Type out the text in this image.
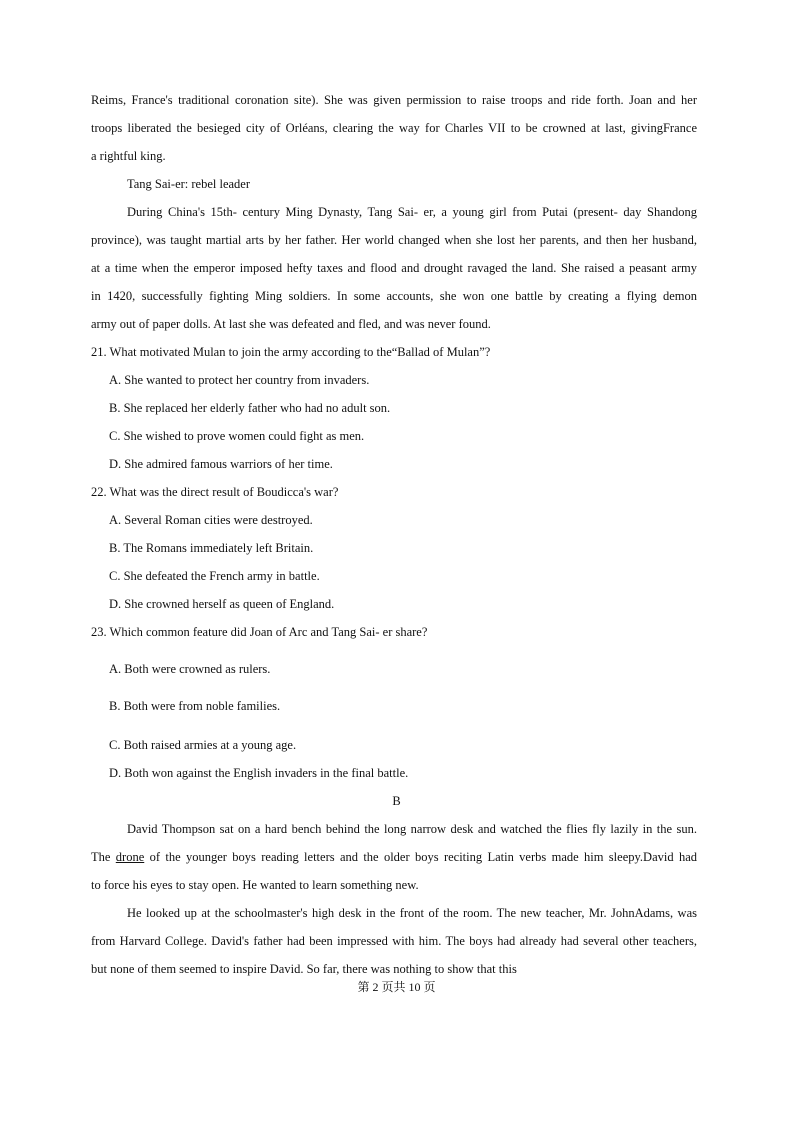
Reims, France's traditional coronation site). She was given permission to raise troops and ride forth. Joan and her
troops liberated the besieged city of Orléans, clearing the way for Charles VII to be crowned at last, givingFrance
a rightful king.
Tang Sai-er: rebel leader
During China's 15th- century Ming Dynasty, Tang Sai- er, a young girl from Putai (present- day Shandong
province), was taught martial arts by her father. Her world changed when she lost her parents, and then her husband,
at a time when the emperor imposed hefty taxes and flood and drought ravaged the land. She raised a peasant army
in 1420, successfully fighting Ming soldiers. In some accounts, she won one battle by creating a flying demon
army out of paper dolls. At last she was defeated and fled, and was never found.
21. What motivated Mulan to join the army according to the“Ballad of Mulan”?
A. She wanted to protect her country from invaders.
B. She replaced her elderly father who had no adult son.
C. She wished to prove women could fight as men.
D. She admired famous warriors of her time.
22. What was the direct result of Boudicca's war?
A. Several Roman cities were destroyed.
B. The Romans immediately left Britain.
C. She defeated the French army in battle.
D. She crowned herself as queen of England.
23. Which common feature did Joan of Arc and Tang Sai- er share?
A. Both were crowned as rulers.
B. Both were from noble families.
C. Both raised armies at a young age.
D. Both won against the English invaders in the final battle.
B
David Thompson sat on a hard bench behind the long narrow desk and watched the flies fly lazily in the sun.
The drone of the younger boys reading letters and the older boys reciting Latin verbs made him sleepy.David had
to force his eyes to stay open. He wanted to learn something new.
He looked up at the schoolmaster's high desk in the front of the room. The new teacher, Mr. JohnAdams, was
from Harvard College. David's father had been impressed with him. The boys had already had several other teachers,
but none of them seemed to inspire David. So far, there was nothing to show that this
第 2 页共 10 页
